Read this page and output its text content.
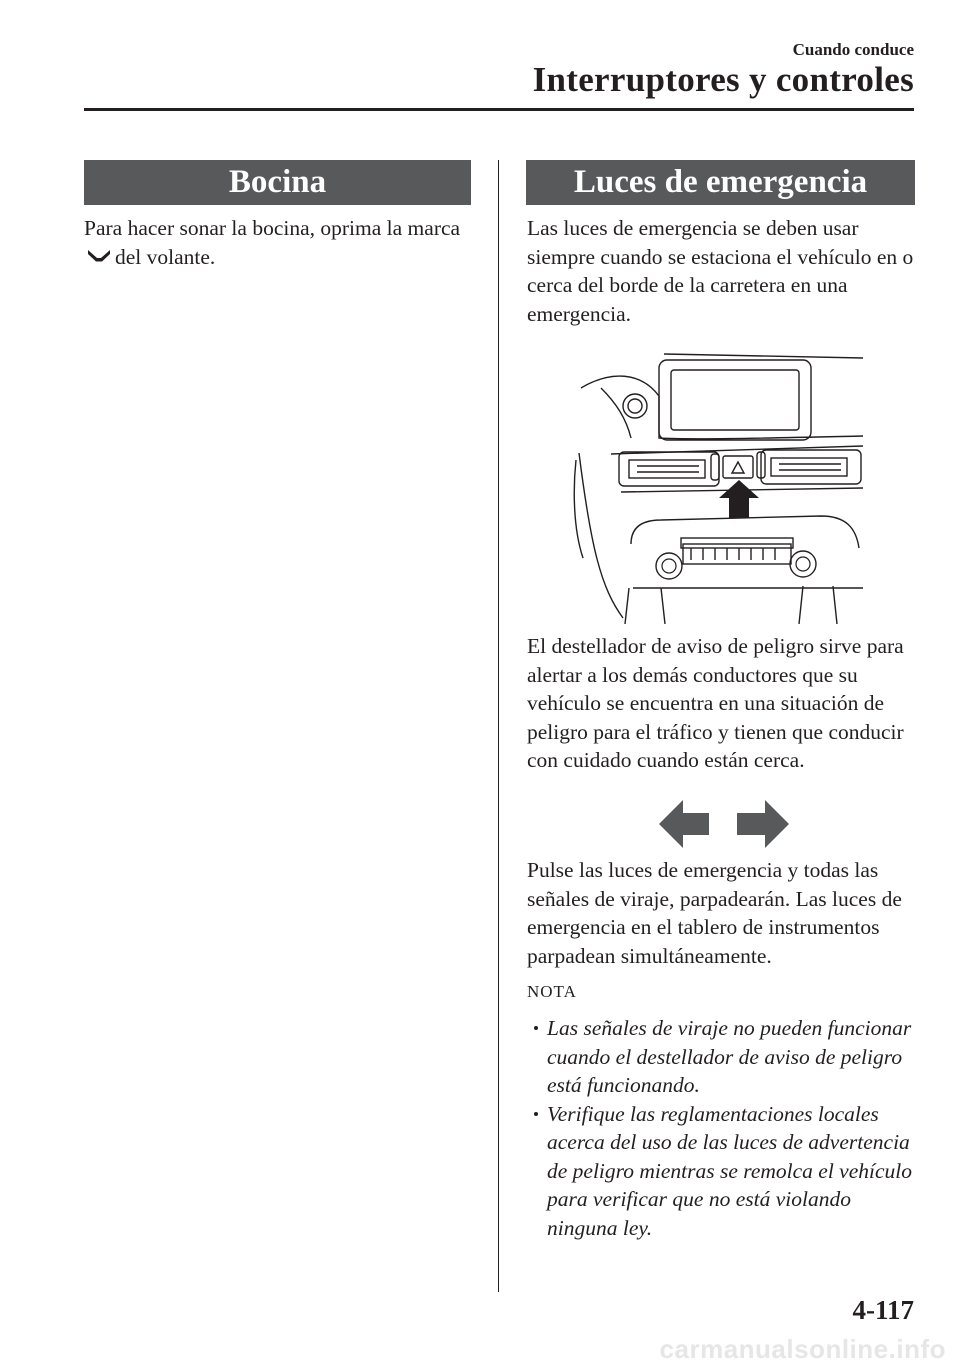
Cuando conduce
Interruptores y controles
Bocina

Para hacer sonar la bocina, oprima la marcadel volante.

Luces de emergencia

Las luces de emergencia se deben usar siempre cuando se estaciona el vehículo en o cerca del borde de la carretera en una emergencia.

El destellador de aviso de peligro sirve para alertar a los demás conductores que su vehículo se encuentra en una situación de peligro para el tráfico y tienen que conducir con cuidado cuando están cerca.

Pulse las luces de emergencia y todas las señales de viraje, parpadearán. Las luces de emergencia en el tablero de instrumentos parpadean simultáneamente.

NOTA
Las señales de viraje no pueden funcionar cuando el destellador de aviso de peligro está funcionando.
Verifique las reglamentaciones locales acerca del uso de las luces de advertencia de peligro mientras se remolca el vehículo para verificar que no está violando ninguna ley.
4-117
carmanualsonline.info
